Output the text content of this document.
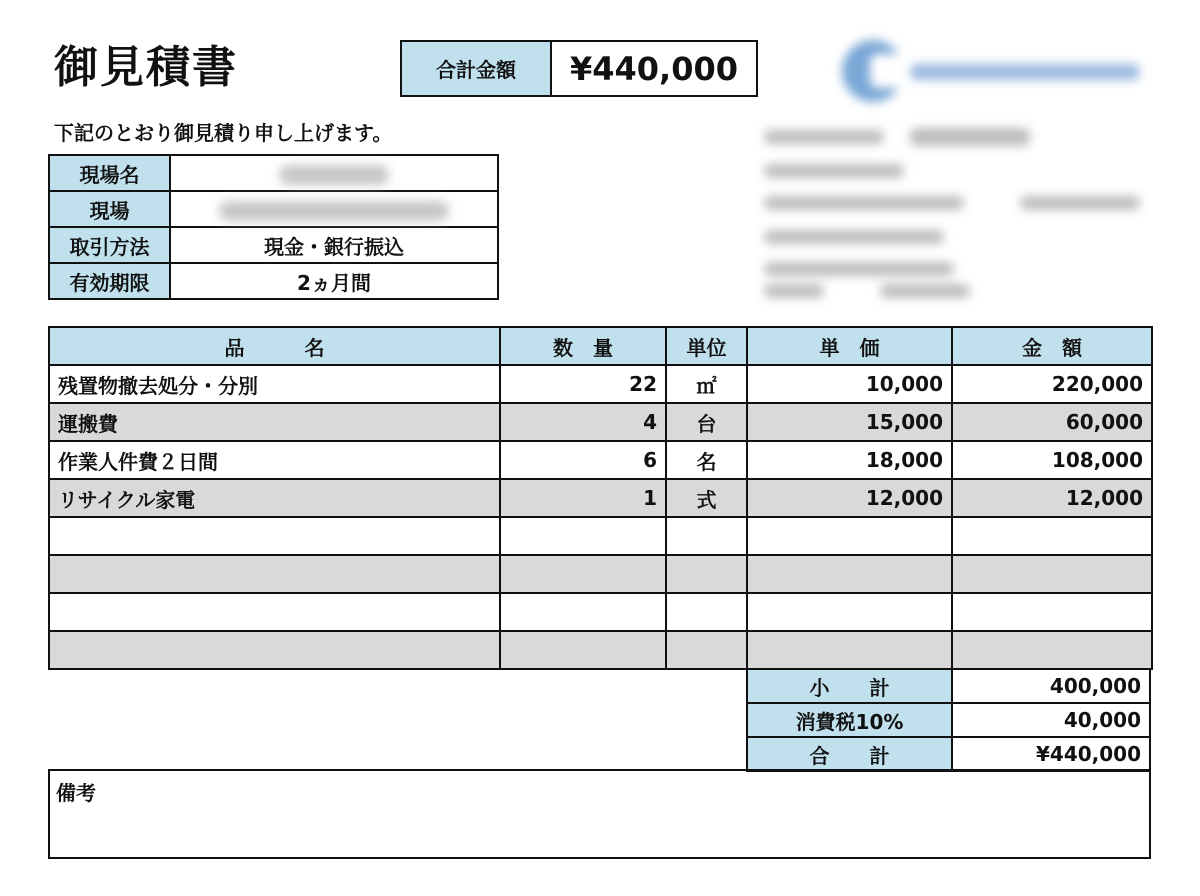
御見積書	合計金額	¥440,000
下記のとおり御見積り申し上げます。
現場名	
現場	
取引方法	現金・銀行振込
有効期限	2ヵ月間
品　　　名	数　量	単位	単　価	金　額
残置物撤去処分・分別	22	㎡	10,000	220,000
運搬費	4	台	15,000	60,000
作業人件費２日間	6	名	18,000	108,000
リサイクル家電	1	式	12,000	12,000

小　　計	400,000
消費税10%	40,000
合　　計	¥440,000
備考
